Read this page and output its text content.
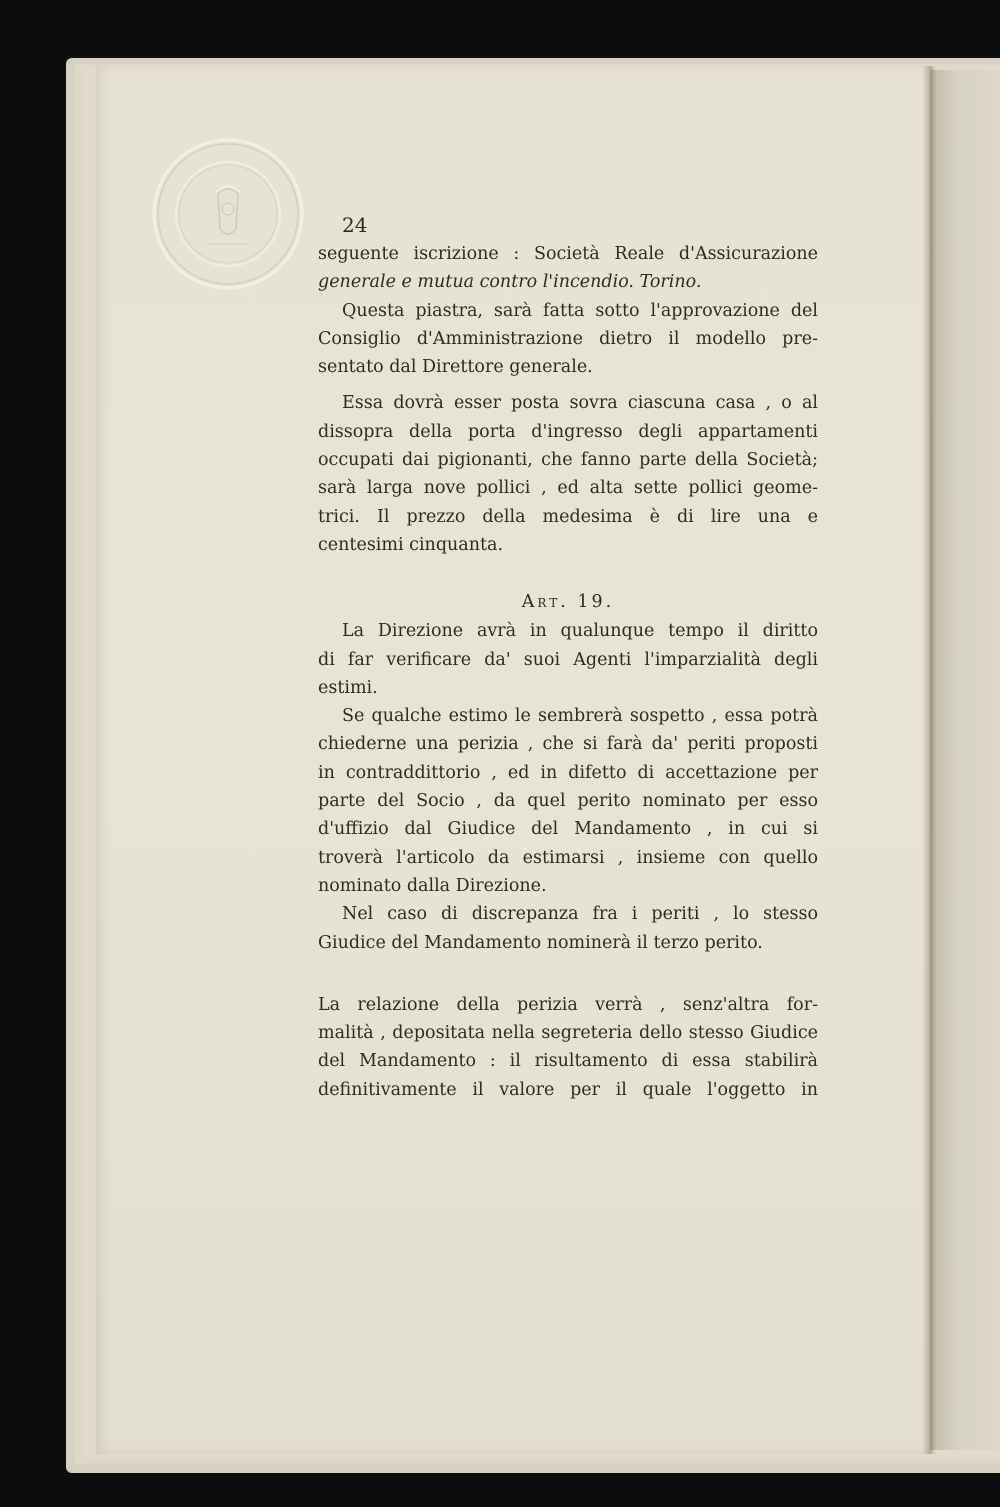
24
seguente iscrizione : Società Reale d'Assicurazione
generale e mutua contro l'incendio. Torino.
Questa piastra, sarà fatta sotto l'approvazione del
Consiglio d'Amministrazione dietro il modello pre-
sentato dal Direttore generale.
Essa dovrà esser posta sovra ciascuna casa , o al
dissopra della porta d'ingresso degli appartamenti
occupati dai pigionanti, che fanno parte della Società;
sarà larga nove pollici , ed alta sette pollici geome-
trici. Il prezzo della medesima è di lire una e
centesimi cinquanta.
Art. 19.
La Direzione avrà in qualunque tempo il diritto
di far verificare da' suoi Agenti l'imparzialità degli
estimi.
Se qualche estimo le sembrerà sospetto , essa potrà
chiederne una perizia , che si farà da' periti proposti
in contraddittorio , ed in difetto di accettazione per
parte del Socio , da quel perito nominato per esso
d'uffizio dal Giudice del Mandamento , in cui si
troverà l'articolo da estimarsi , insieme con quello
nominato dalla Direzione.
Nel caso di discrepanza fra i periti , lo stesso
Giudice del Mandamento nominerà il terzo perito.
La relazione della perizia verrà , senz'altra for-
malità , depositata nella segreteria dello stesso Giudice
del Mandamento : il risultamento di essa stabilirà
definitivamente il valore per il quale l'oggetto in
